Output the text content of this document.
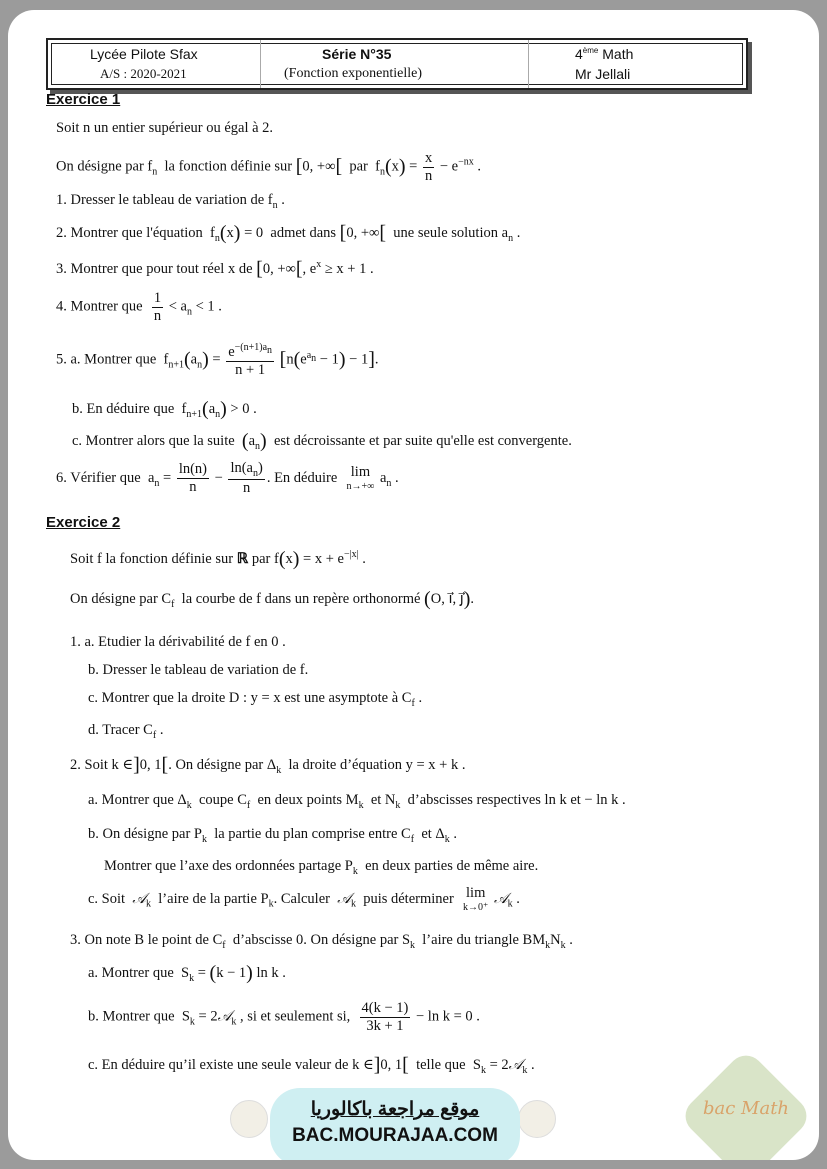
Lycée Pilote Sfax
A/S : 2020-2021
Série N°35
(Fonction exponentielle)
4ème Math
Mr Jellali
Exercice 1
Soit n un entier supérieur ou égal à 2.
On désigne par $f_n$ la fonction définie sur [0, +∞[  par  $f_n(x) = \frac{x}{n} - e^{-nx}$ .
1. Dresser le tableau de variation de $f_n$ .
2. Montrer que l'équation  $f_n(x) = 0$  admet dans [0, +∞[ une seule solution $a_n$ .
3. Montrer que pour tout réel x de [0, +∞[, $e^x \ge x + 1$ .
4. Montrer que $\frac{1}{n} < a_n < 1$ .
5. a. Montrer que  $f_{n+1}(a_n) = \frac{e^{-(n+1)a_n}}{n + 1} [n(e^{a_n} - 1) - 1]$.
b. En déduire que  $f_{n+1}(a_n) > 0$ .
c. Montrer alors que la suite $(a_n)$ est décroissante et par suite qu'elle est convergente.
6. Vérifier que  $a_n = \frac{\ln(n)}{n} - \frac{\ln(a_n)}{n}$ . En déduire lim
n→+∞
$a_n$ .
Exercice 2
Soit f la fonction définie sur ℝ par $f(x) = x + e^{-|x|}$ .
On désigne par $C_f$ la courbe de f dans un repère orthonormé (O, i⃗, j⃗).
1. a. Etudier la dérivabilité de f en 0 .
b. Dresser le tableau de variation de f.
c. Montrer que la droite D : y = x est une asymptote à $C_f$ .
d. Tracer $C_f$ .
2. Soit k ∈]0, 1[. On désigne par $\Delta_k$ la droite d’équation y = x + k .
a. Montrer que $\Delta_k$ coupe $C_f$ en deux points $M_k$ et $N_k$ d’abscisses respectives ln k et − ln k .
b. On désigne par $P_k$ la partie du plan comprise entre $C_f$ et $\Delta_k$ .
Montrer que l’axe des ordonnées partage $P_k$ en deux parties de même aire.
c. Soit 𝒜$_k$ l’aire de la partie $P_k$. Calculer 𝒜$_k$ puis déterminer lim
k→0⁺
𝒜$_k$ .
3. On note B le point de $C_f$ d’abscisse 0. On désigne par $S_k$ l’aire du triangle $BM_kN_k$ .
a. Montrer que  $S_k = (k - 1)$ ln k .
b. Montrer que  $S_k$ = 2𝒜$_k$ , si et seulement si, $\frac{4(k - 1)}{3k + 1} - \ln k = 0$ .
c. En déduire qu’il existe une seule valeur de k ∈]0, 1[ telle que  $S_k$ = 2𝒜$_k$ .
موقع مراجعة باكالوريا
BAC.MOURAJAA.COM
bac Math
